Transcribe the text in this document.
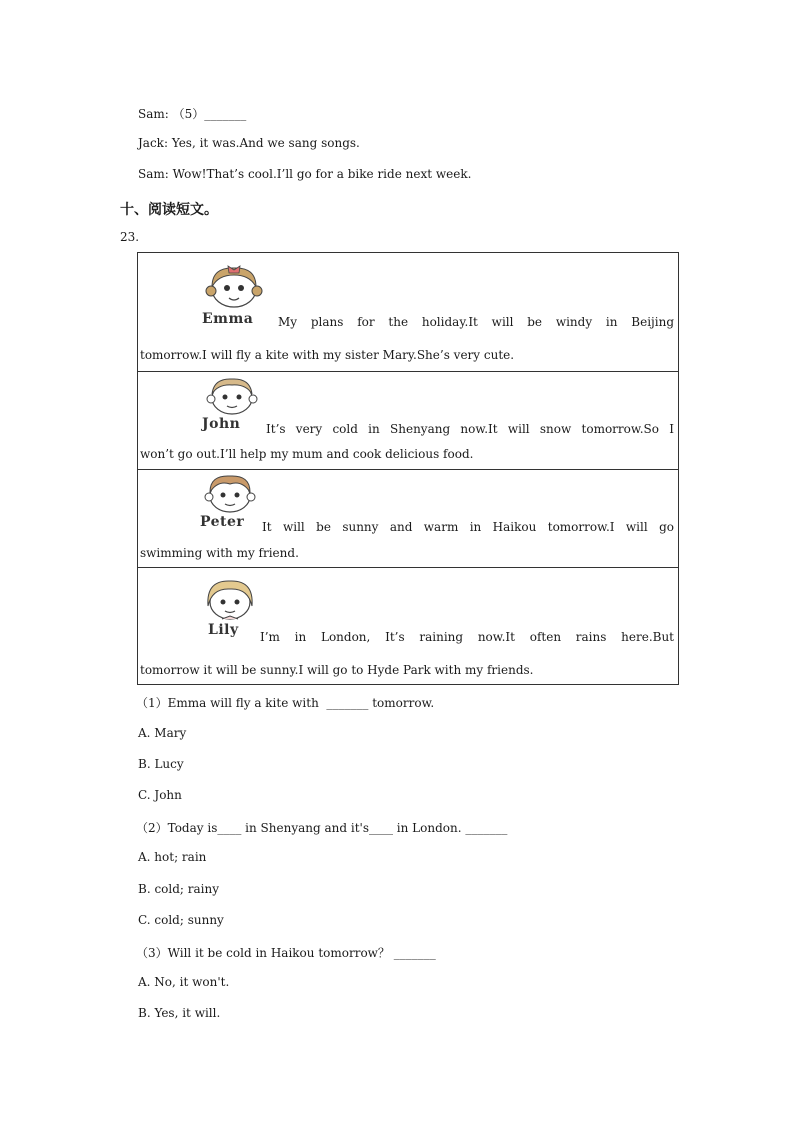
Sam: （5）_______
Jack: Yes, it was.And we sang songs.
Sam: Wow!That’s cool.I’ll go for a bike ride next week.
十、阅读短文。
23.
Emma My plans for the holiday.It will be windy in Beijing
tomorrow.I will fly a kite with my sister Mary.She’s very cute.

John It’s very cold in Shenyang now.It will snow tomorrow.So I
won’t go out.I’ll help my mum and cook delicious food.

Peter It will be sunny and warm in Haikou tomorrow.I will go
swimming with my friend.

Lily I’m in London, It’s raining now.It often rains here.But
tomorrow it will be sunny.I will go to Hyde Park with my friends.
（1）Emma will fly a kite with  _______ tomorrow.
A. Mary
B. Lucy
C. John
（2）Today is____ in Shenyang and it's____ in London. _______
A. hot; rain
B. cold; rainy
C. cold; sunny
（3）Will it be cold in Haikou tomorrow？ _______
A. No, it won't.
B. Yes, it will.
